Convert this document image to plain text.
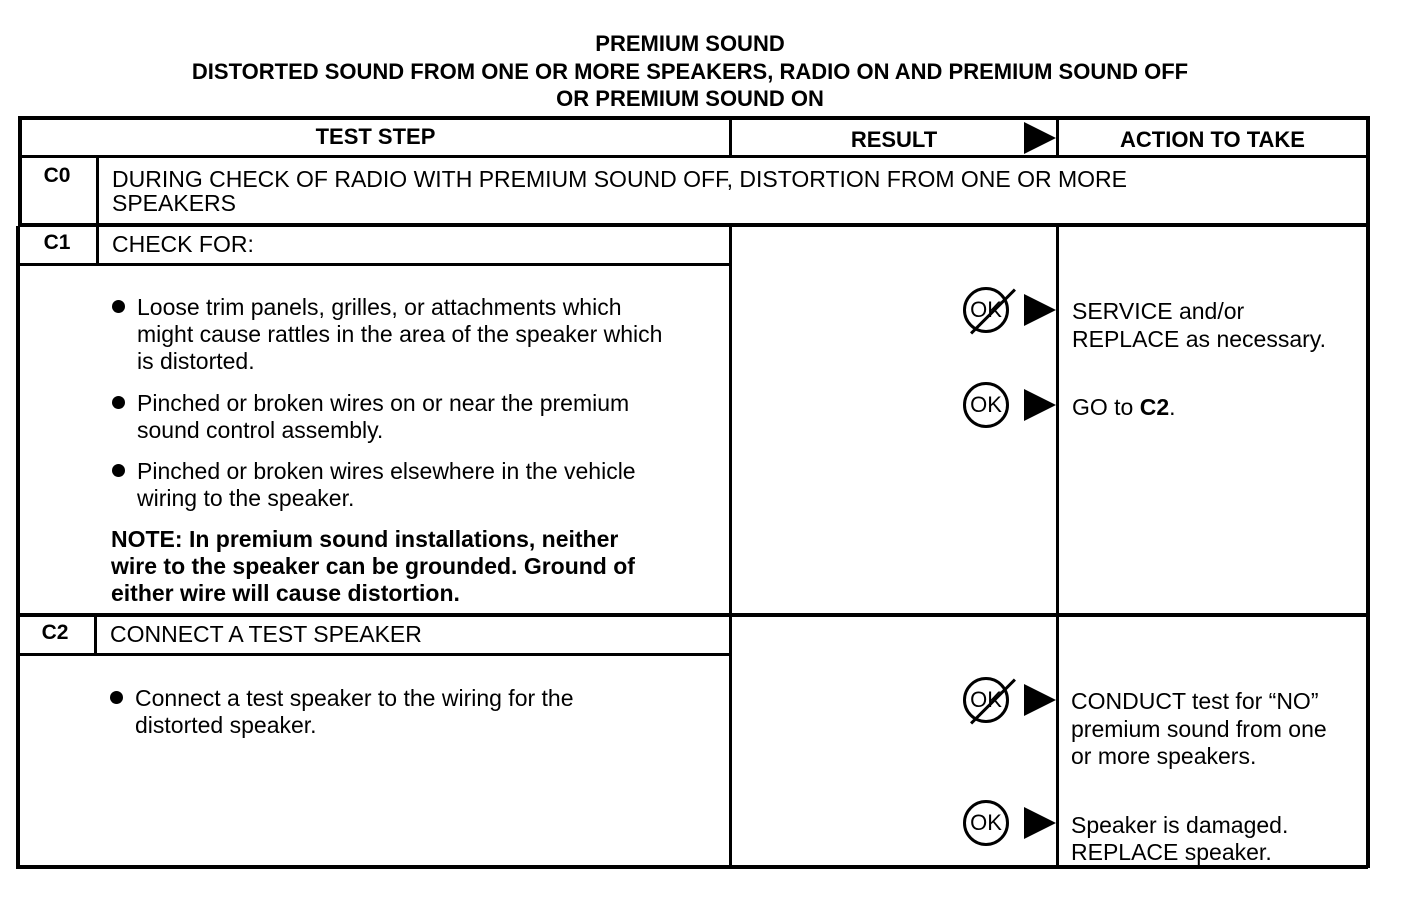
PREMIUM SOUND
DISTORTED SOUND FROM ONE OR MORE SPEAKERS, RADIO ON AND PREMIUM SOUND OFF
OR PREMIUM SOUND ON
TEST STEP	RESULT	ACTION TO TAKE
C0	DURING CHECK OF RADIO WITH PREMIUM SOUND OFF, DISTORTION FROM ONE OR MORE
SPEAKERS
C1	CHECK FOR:
Loose trim panels, grilles, or attachments which
might cause rattles in the area of the speaker which
is distorted.
Pinched or broken wires on or near the premium
sound control assembly.
Pinched or broken wires elsewhere in the vehicle
wiring to the speaker.
NOTE: In premium sound installations, neither
wire to the speaker can be grounded. Ground of
either wire will cause distortion.
OK	SERVICE and/or
REPLACE as necessary.
OK	GO to C2.
C2	CONNECT A TEST SPEAKER
Connect a test speaker to the wiring for the
distorted speaker.
OK	CONDUCT test for “NO”
premium sound from one
or more speakers.
OK	Speaker is damaged.
REPLACE speaker.
